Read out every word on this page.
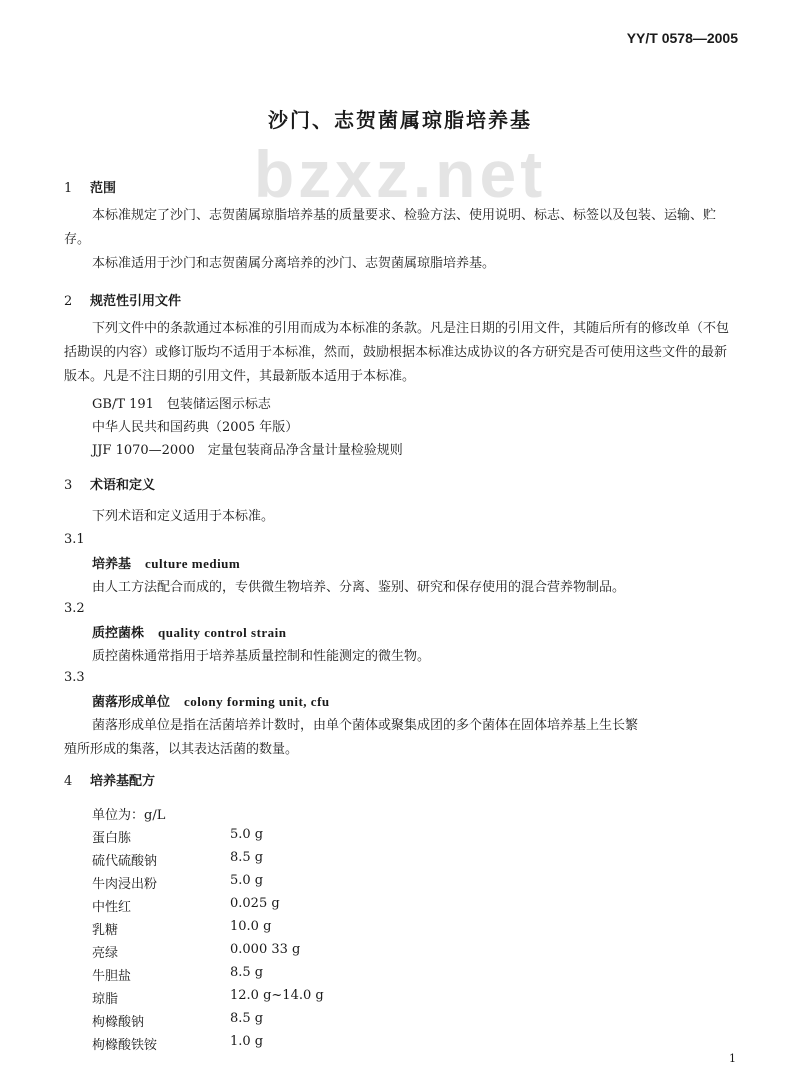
YY/T 0578—2005
沙门、志贺菌属琼脂培养基
bzxz.net
1 范围
本标准规定了沙门、志贺菌属琼脂培养基的质量要求、检验方法、使用说明、标志、标签以及包装、运输、贮存。
本标准适用于沙门和志贺菌属分离培养的沙门、志贺菌属琼脂培养基。
2 规范性引用文件
下列文件中的条款通过本标准的引用而成为本标准的条款。凡是注日期的引用文件，其随后所有的修改单（不包括勘误的内容）或修订版均不适用于本标准，然而，鼓励根据本标准达成协议的各方研究是否可使用这些文件的最新版本。凡是不注日期的引用文件，其最新版本适用于本标准。
GB/T 191　包装储运图示标志
中华人民共和国药典（2005 年版）
JJF 1070—2000　定量包装商品净含量计量检验规则
3 术语和定义
下列术语和定义适用于本标准。
3.1
培养基 culture medium
由人工方法配合而成的，专供微生物培养、分离、鉴别、研究和保存使用的混合营养物制品。
3.2
质控菌株 quality control strain
质控菌株通常指用于培养基质量控制和性能测定的微生物。
3.3
菌落形成单位 colony forming unit, cfu
菌落形成单位是指在活菌培养计数时，由单个菌体或聚集成团的多个菌体在固体培养基上生长繁
殖所形成的集落，以其表达活菌的数量。
4 培养基配方
单位为：g/L
蛋白胨	5.0 g
硫代硫酸钠	8.5 g
牛肉浸出粉	5.0 g
中性红	0.025 g
乳糖	10.0 g
亮绿	0.000 33 g
牛胆盐	8.5 g
琼脂	12.0 g~14.0 g
枸橼酸钠	8.5 g
枸橼酸铁铵	1.0 g
1
